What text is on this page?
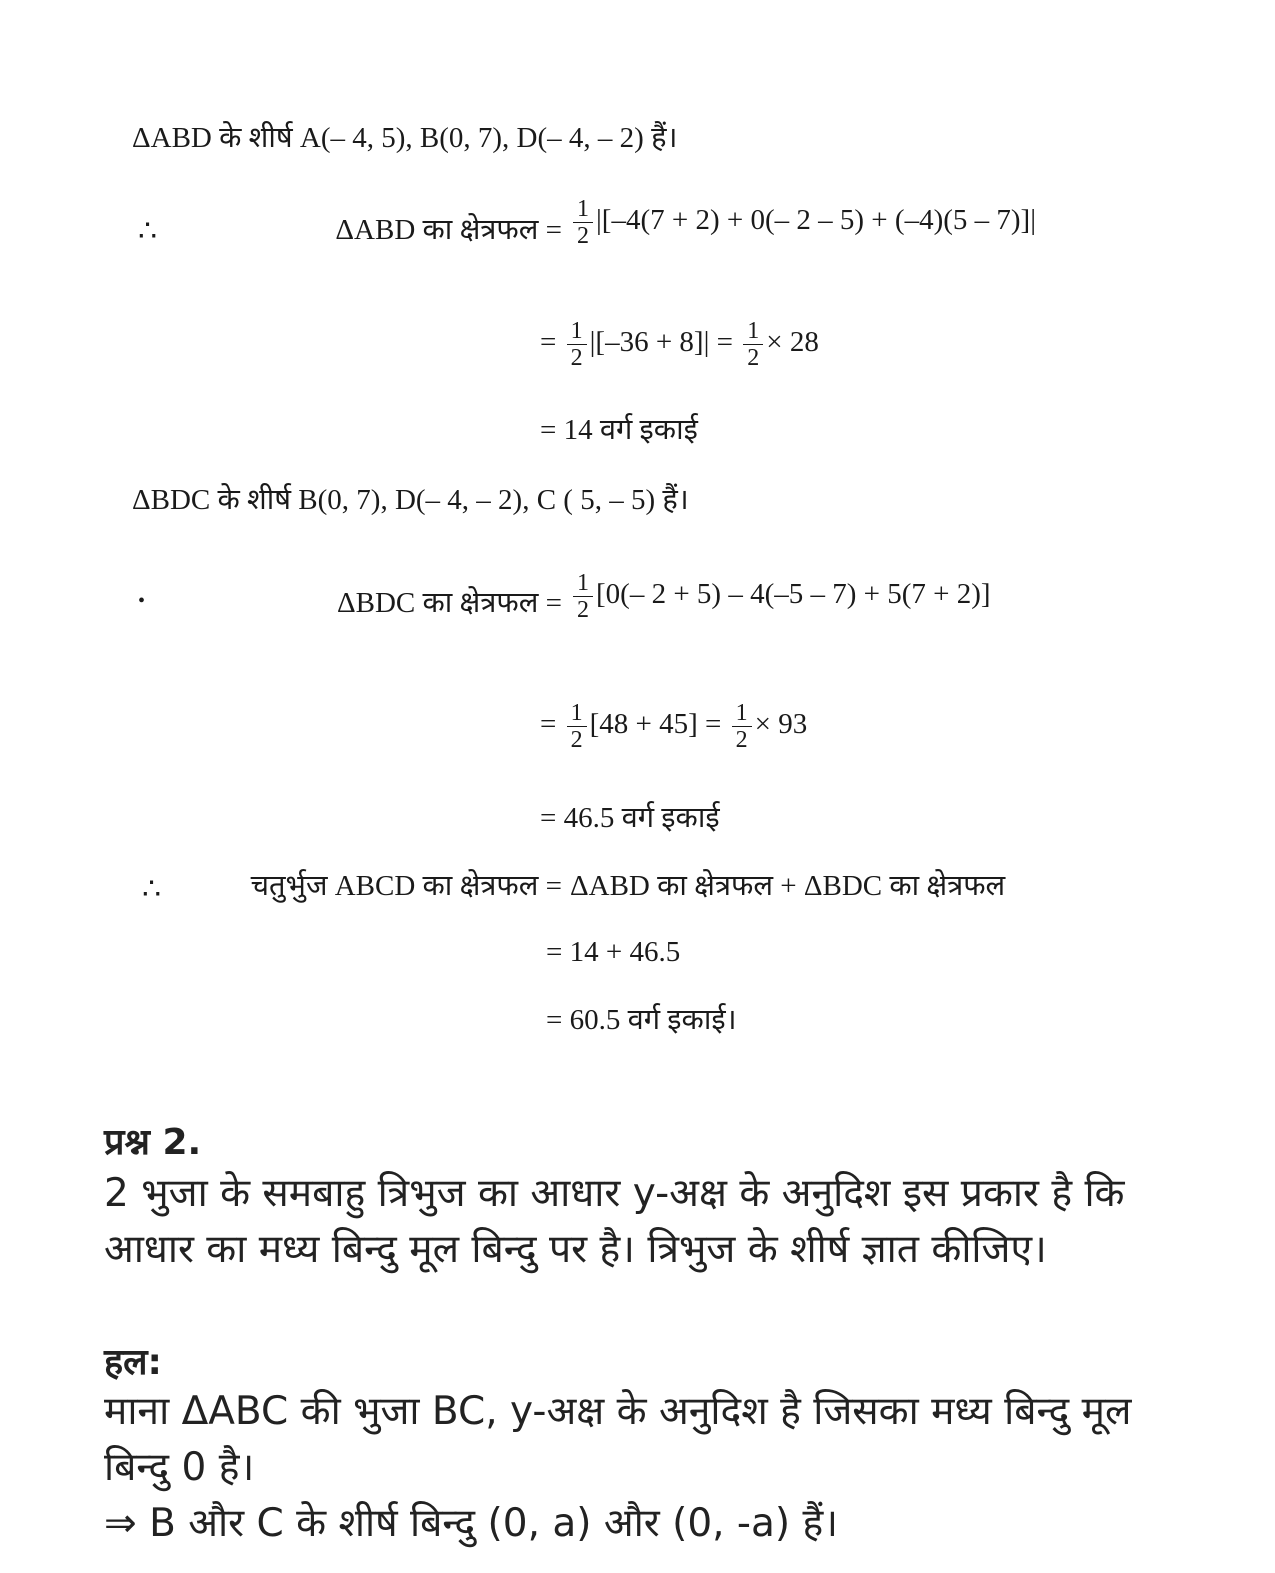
ΔABD के शीर्ष A(– 4, 5), B(0, 7), D(– 4, – 2) हैं।
∴	ΔABD का क्षेत्रफल = $\frac{1}{2} |[-4(7 + 2) + 0(-$ 2 – 5) + (–4)(5 – 7)]|
= $\frac{1}{2} |[-36 + 8]| = \frac{1}{2} \times 28$
= 14 वर्ग इकाई
ΔBDC के शीर्ष B(0, 7), D(– 4, – 2), C ( 5, – 5) हैं।
•	ΔBDC का क्षेत्रफल = $\frac{1}{2} [0(-$ 2 + 5) – 4(–5 – 7) + 5(7 + 2)]
= $\frac{1}{2} [48 + 45] = \frac{1}{2} \times 93$
= 46.5 वर्ग इकाई
∴	चतुर्भुज ABCD का क्षेत्रफल = ΔABD का क्षेत्रफल + ΔBDC का क्षेत्रफल
= 14 + 46.5
= 60.5 वर्ग इकाई।
प्रश्न 2.
2 भुजा के समबाहु त्रिभुज का आधार y-अक्ष के अनुदिश इस प्रकार है कि आधार का मध्य बिन्दु मूल बिन्दु पर है। त्रिभुज के शीर्ष ज्ञात कीजिए।
हल:
माना ΔABC की भुजा BC, y-अक्ष के अनुदिश है जिसका मध्य बिन्दु मूल बिन्दु 0 है।
⇒ B और C के शीर्ष बिन्दु (0, a) और (0, -a) हैं।
